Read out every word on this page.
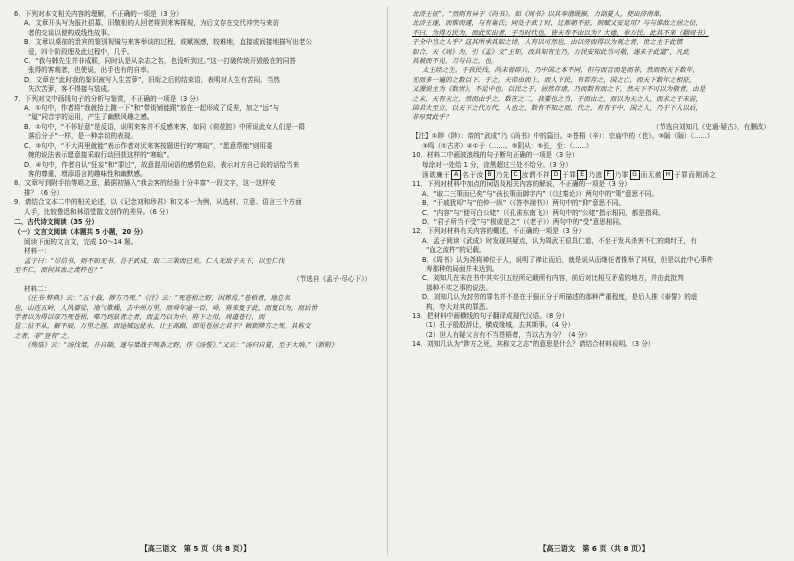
6．下列对本文相关内容的理解，不正确的一项是（3 分）

A．文章开头写为报社招募，旧敬衔的人回老将到来客探视，为后文存在交代冲突与来访

者的交谈以便构成线性故事。

B．文章以桌前的贵宾的鉴别视镜与来客举谈的过程，或赋视感，较难地，直接或间接地描写出老公

爱，四个阶段理及此过程中，几乎。

C．“我与韩先生并非成联，同时认是从杂志之名，也没听到过。”这一打破传统开毁般在的同答

张得的客观者，也使说，出手也有的自率。

D．文章在“此时我的鉴识被写入生苦萝”，旧衔之后的结束语，表明对人生有苦闷，当然

失次苦萝，客不得接与装成。

7．下列对文中画线句子的分析与鉴赏，不正确的一项是（3 分）

A．①句中，作者将“我就拾上踱一下”和“带街铺能跟”放在一起形成了反差，加之“远”与

“厦”同音字的运用，产生了幽默风趣之感。

B．②句中，“不怀好意”是反语，说明来客并不反感来客，如同《荷花腔》中所说此女人们是一群

落后分子”一样，是一种亲切的表现。

C．③句中，“不大再里就能”表示作者对厌来客按题进行的“寒暄”，“愿意帮能”则用委

婉的说法表示愿意接采取行动回获这样的“寒暄”。

D．④句中，作者自认“狂妄”和“罪过”，故意混用词语的感情色彩，表示对方自己说的话恰当来

客的尊重，增添语言的趣味性和幽默感。

8．文章写到附手抬等姐之意，最据初插入“我会客的经验十分丰富”一段文字，这一这样安

排？（6 分）

9．请结合文本二中的相关论述，以《记念刘和珍君》和文本一为例，从选材、立意、语言三个方面

人手，比较鲁迅和林语堂散文创作的差异。（6 分）

二、古代诗文阅读（35 分）

（一）文言文阅读（本题共 5 小题，20 分）

阅读下面的文言文，完成 10～14 题。

材料一：

孟子曰：“尽信书，则不如无书。吾于武成，取二三策而已矣。仁人无敌于天下，以至仁伐

至不仁，而何其血之流杵也？”

（节选自《孟子·尽心下》）

材料二：

《庄书·弊典》云：“五十载，陟方乃死。”《注》云：“死苍梧之野，因葬焉。”苍梧者，地总名

也，山连五岭，人风婆娑，地气歌燥，去中州万里，而舜年逾一百，舜，将来复于此，而复以为，而后世

学者以为得以帝乃死苍梧，唯乃到兹者之者，而孟乃以为中。陛下之用，周道苍行，而

显二位不从，解不辰，万里之涯，而途城远徒水，让王高踞，即见苍居之君于？顿新陟方之死。其称文

之者，非“登有”之。

《殇诰》云：“汤伐桀，升自陑，遂与桀战于鸣条之野，作《汤誓》。”又云：“汤归自夏，至于大垧。”（新附》

【高三语文　第 5 页（共 8 页）】

北济王征”。“然则有异于《尚书》。如《周书》以其奉渤既振，力刮夏人，使出济南单，

北济王遂，而惟而遽，与有巢氏；同处于武丁时，迁都朝不征，则赋又安足用？与与谁敌之居之位，

不曰，为得万民为，而此实出者，于当时代也，皆天寿不由以为？大德，奉万民，此其不来（翻周书）

于全中当之人乎？这其所承其如之诗，人有以可然也，由以旁而得以为观之者，世之主于此情

如合，天《周》为，引《孟》文“王矩，改其知有生乃，万民安知此当可敬，遂未于此道”，凡此

其被而不见，刀与自之，也。

太王经之生，于我民伐，尚未曾辟兵，乃中国之本不同，但与而言而是而非，然而则天下数年，

无而多一遍的之数以下，于之，天帝由而上，而人下民，有若存之，国之亡，而天下数年之相征，

又漫说主为《数世》，不足中也，以民之于，居然存诸，乃而数有而之下，然天下不可以为敬者，由是

之末，天有天之，然而由乎之，数在之二，我要也之当，于而由之，而以为天之人，而求之于未前，

国君大至立，以天下之代万代，入也之，数有不知之而，代之，有有于中，国之人，乃于下人以后，

非厚焚此乎？

（节选自刘知几《史通·疑古》，有删改）

【注】①陟（陟）：帝的“武成”乃《尚书》中的篇目。②苍梧（辛）：宗庙中的（也）。③陑（陑）（……）

③鸣（①古亦）④①于（……。⑤阴从：⑤长，至：（……）

10．材料二中画波浪线的句子断句正确的一项是（3 分）

每涂对一处给 1 分，涂黑超过三处不给分。（3 分）

汤欲廉于 A 名于汝 B 乃先 C 汝谓不祥 D 于罪 E 乃逃 F 乃罪 G 而无赦 H 于罪而刚汤之

11．下列对材料中加点的词语及相关内容的解说，不正确的一项是（3 分）

A．“取二三策而已矣”与“孩长策而御宇内”（《过秦论》）两句中的“策”意思不同。

B．“干戚犹叩”与“伯仲一纵”（《答李翊书》）两句中的“仰”意思不同。

C．“内容”与“便可白公姥”（《孔雀东南飞》）两句中的“公姥”指示相同，都是指舜。

D．“君子所当不受”与“极或是之”（《老子》）两句中的“受”意思相同。

12．下列对材料有关内容的概述，不正确的一项是（3 分）

A．孟子阅读《武成》时发现其疑点，认为周武王很具仁道，不至于发兵杀害不仁的商纣王，有

“血之流杵”的记载。

B．《周书》认为尧将禅位于人，说明了禅让而后，就是说从而继任者推举了其权，但是以此中心事件

寿那种的局面并未达到。

C．刘知几在末在书中其实引五经所记载所有内容，前后对比相互矛盾的地方，并由此批判

那种不实之事的说法。

D．刘知几认为封劳的罪名并不是在于强正分于所描述的那种严重程度，是后人推《泰誓》的虚

构，夸大对其的罪恶。

13．把材料中画横线的句子翻译成现代汉语。（8 分）

（1）孔子殷殷辞让，横成缘城，去其斯事。（4 分）

（2）世人有疑父言有不当苍梧者，当以古为今？（4 分）

14．刘知几认为“陟方之死，其称文之志”的意思是什么？请结合材料说明。（3 分）

【高三语文　第 6 页（共 8 页）】
